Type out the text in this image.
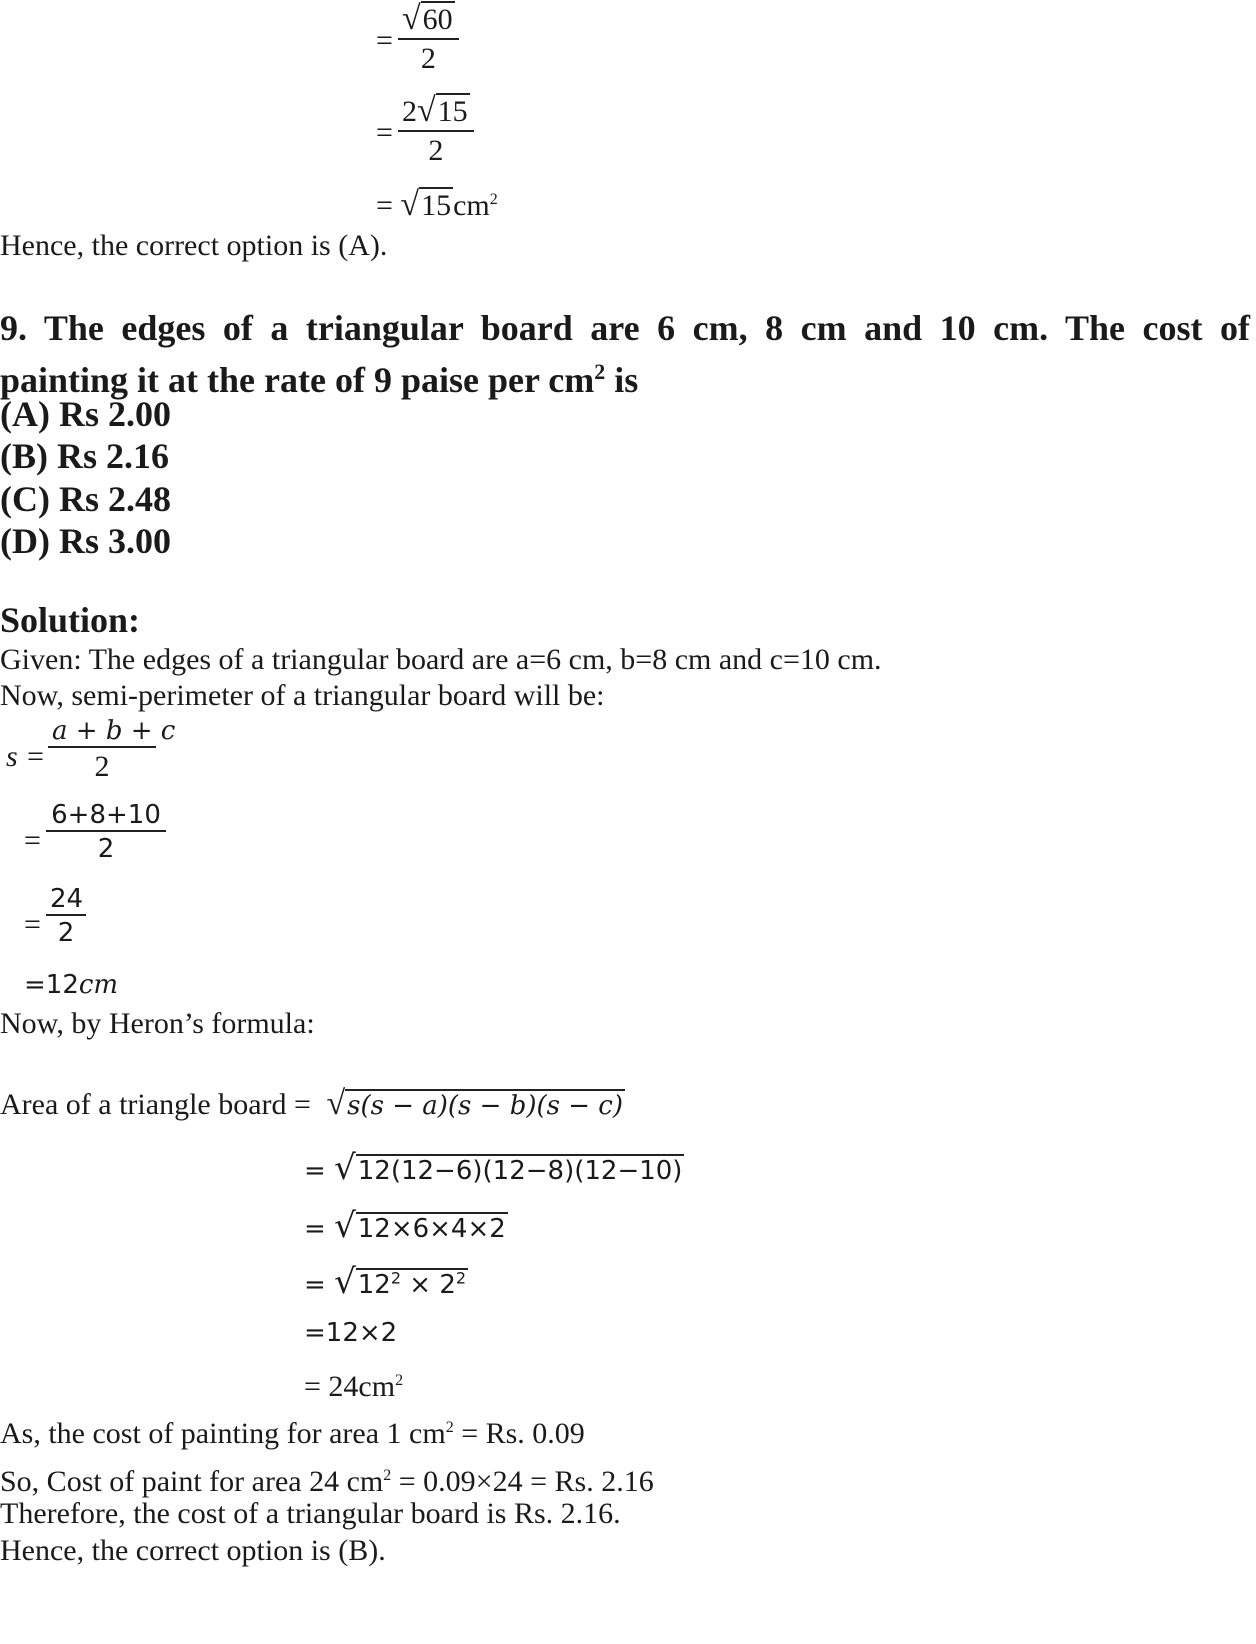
= $\frac{√60}{2}$
= $\frac{2√15}{2}$
= $√15cm^2$
Hence, the correct option is (A).
9. The edges of a triangular board are 6 cm, 8 cm and 10 cm. The cost of
painting it at the rate of 9 paise per $cm^2$ is
(A) Rs 2.00
(B) Rs 2.16
(C) Rs 2.48
(D) Rs 3.00
Solution:
Given: The edges of a triangular board are a=6 cm, b=8 cm and c=10 cm.
Now, semi-perimeter of a triangular board will be:
$s = \frac{a + b + c}{2}$
= $\frac{6+8+10}{2}$
= $\frac{24}{2}$
=12cm
Now, by Heron’s formula:
Area of a triangle board = √s(s − a)(s − b)(s − c)
= √12(12−6)(12−8)(12−10)
= √12×6×4×2
= $√12^2 \times 2^2$
=12×2
= $24cm^2$
As, the cost of painting for area 1 $cm^2 = Rs$. 0.09
So, Cost of paint for area 24 $cm^2 = 0.09\times 24 = Rs$. 2.16
Therefore, the cost of a triangular board is Rs. 2.16.
Hence, the correct option is (B).
